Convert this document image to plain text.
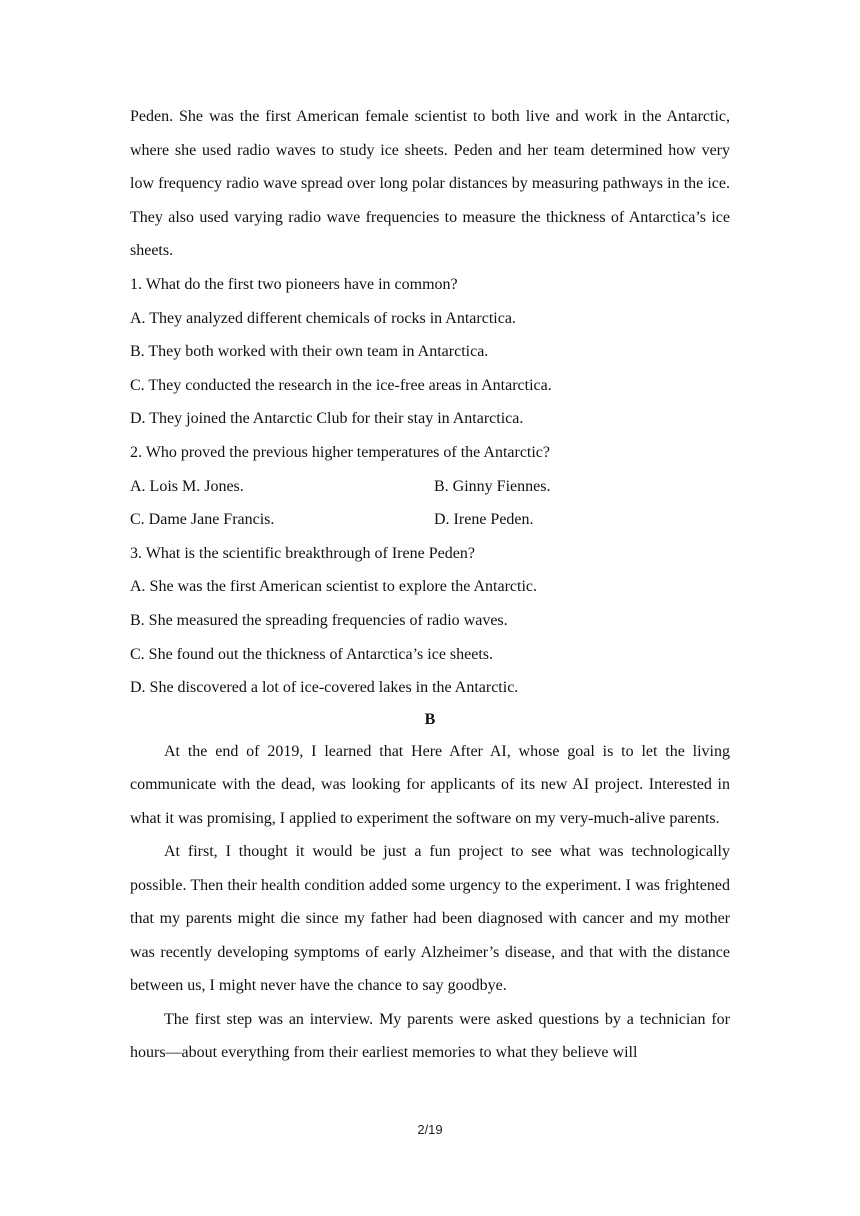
Peden. She was the first American female scientist to both live and work in the Antarctic, where she used radio waves to study ice sheets. Peden and her team determined how very low frequency radio wave spread over long polar distances by measuring pathways in the ice. They also used varying radio wave frequencies to measure the thickness of Antarctica’s ice sheets.

1. What do the first two pioneers have in common?
A. They analyzed different chemicals of rocks in Antarctica.
B. They both worked with their own team in Antarctica.
C. They conducted the research in the ice-free areas in Antarctica.
D. They joined the Antarctic Club for their stay in Antarctica.
2. Who proved the previous higher temperatures of the Antarctic?
A. Lois M. Jones.	B. Ginny Fiennes.
C. Dame Jane Francis.	D. Irene Peden.
3. What is the scientific breakthrough of Irene Peden?
A. She was the first American scientist to explore the Antarctic.
B. She measured the spreading frequencies of radio waves.
C. She found out the thickness of Antarctica’s ice sheets.
D. She discovered a lot of ice-covered lakes in the Antarctic.
B

At the end of 2019, I learned that Here After AI, whose goal is to let the living communicate with the dead, was looking for applicants of its new AI project. Interested in what it was promising, I applied to experiment the software on my very-much-alive parents.

At first, I thought it would be just a fun project to see what was technologically possible. Then their health condition added some urgency to the experiment. I was frightened that my parents might die since my father had been diagnosed with cancer and my mother was recently developing symptoms of early Alzheimer’s disease, and that with the distance between us, I might never have the chance to say goodbye.

The first step was an interview. My parents were asked questions by a technician for hours—about everything from their earliest memories to what they believe will

2/19
